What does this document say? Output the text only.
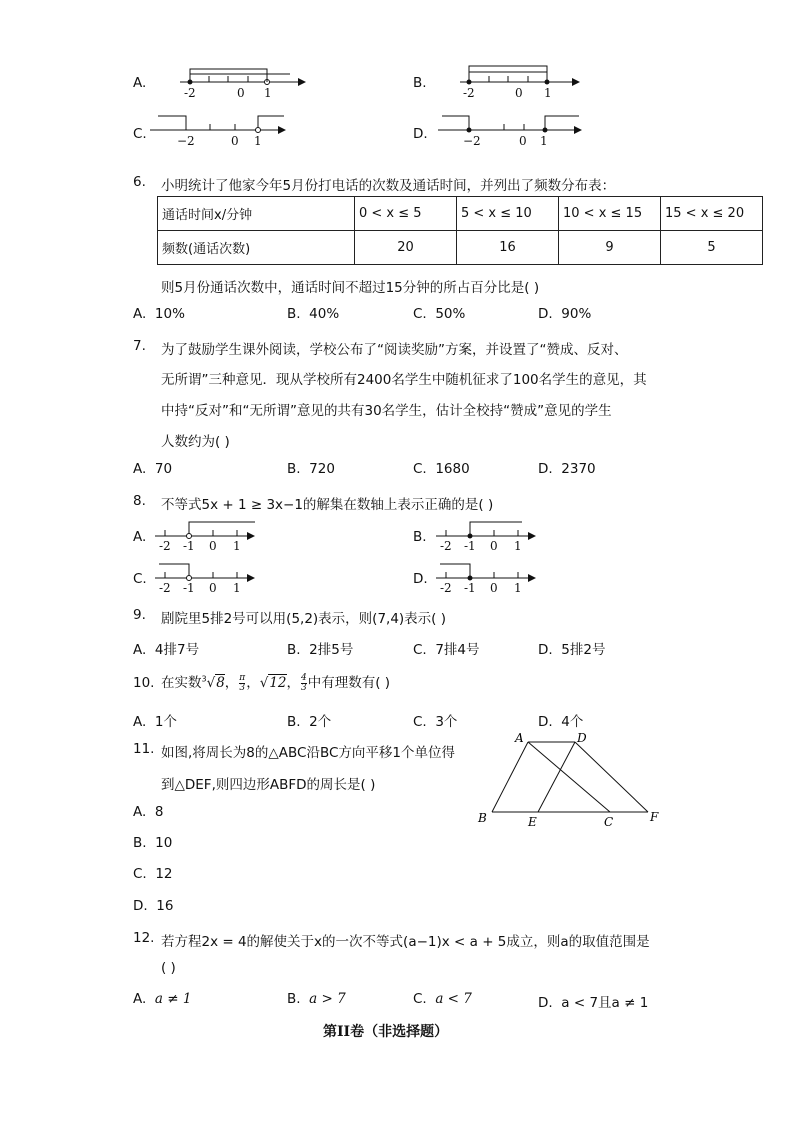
A.
-2	0 1
B.
-2	0 1
C.	−2	0 1	D.	−2	0 1
6. 小明统计了他家今年5月份打电话的次数及通话时间，并列出了频数分布表：
通话时间x/分钟	0 < x ≤ 5	5 < x ≤ 10	10 < x ≤ 15	15 < x ≤ 20
频数(通话次数)	20	16	9	5
则5月份通话次数中，通话时间不超过15分钟的所占百分比是( )
A. 10%	B. 40%	C. 50%	D. 90%
7. 为了鼓励学生课外阅读，学校公布了“阅读奖励”方案，并设置了“赞成、反对、
无所谓”三种意见．现从学校所有2400名学生中随机征求了100名学生的意见，其
中持“反对”和“无所谓”意见的共有30名学生，估计全校持“赞成”意见的学生
人数约为( )
A. 70	B. 720	C. 1680	D. 2370
8. 不等式5x + 1 ≥ 3x−1的解集在数轴上表示正确的是( )
A.
-2 -1 0 1
B.
-2 -1 0 1
C.
-2 -1 0 1
D.
-2 -1 0 1
9. 剧院里5排2号可以用(5,2)表示，则(7,4)表示( )
A. 4排7号	B. 2排5号	C. 7排4号	D. 5排2号
10. 在实数$^3$√8， $\frac{\pi}{3}$ ，√12， $\frac{4}{3}$ 中有理数有( )
A. 1个	B. 2个	C. 3个	D. 4个
11. 如图,将周长为8的△ABC沿BC方向平移1个单位得
到△DEF,则四边形ABFD的周长是( )
A. 8
B. 10
C. 12
D. 16
A	D
B	E	C	F
12. 若方程2x = 4的解使关于x的一次不等式(a−1)x < a + 5成立，则a的取值范围是
( )
A. a ≠ 1	B. a > 7	C. a < 7	D. a < 7且a ≠ 1
第II卷（非选择题）
